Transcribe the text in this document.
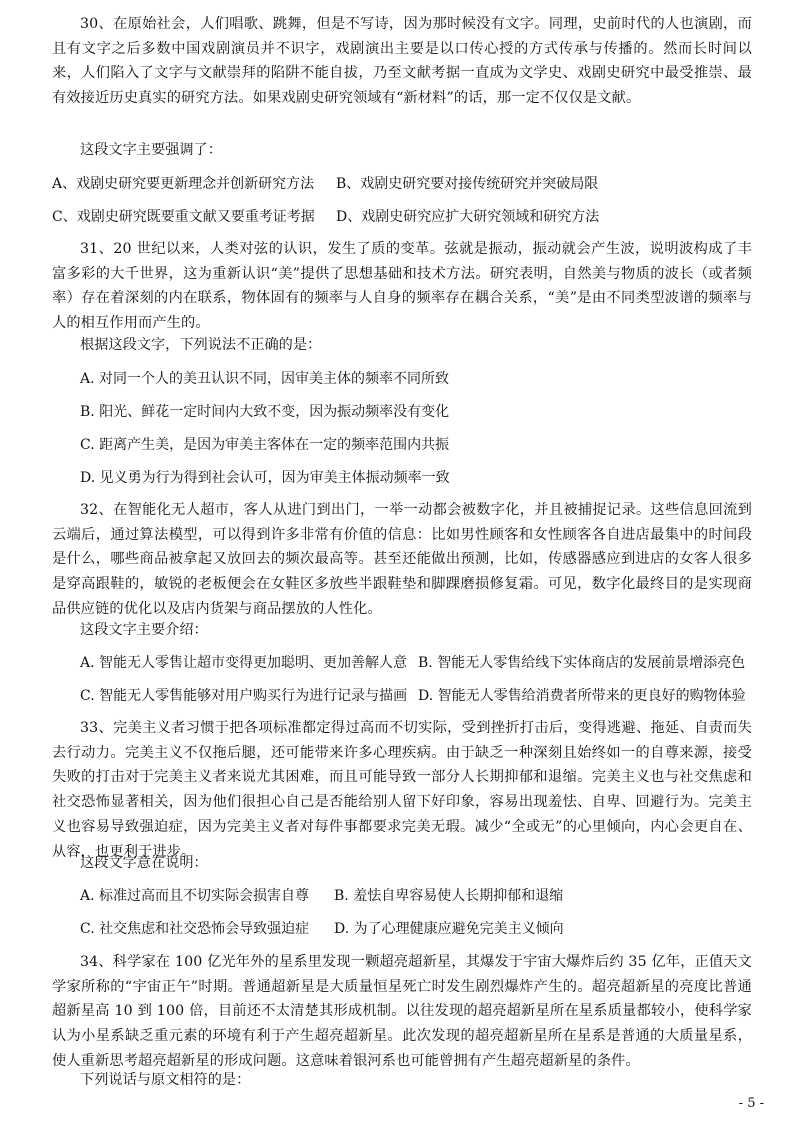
30、在原始社会，人们唱歌、跳舞，但是不写诗，因为那时候没有文字。同理，史前时代的人也演剧，而且有文字之后多数中国戏剧演员并不识字，戏剧演出主要是以口传心授的方式传承与传播的。然而长时间以来，人们陷入了文字与文献崇拜的陷阱不能自拔，乃至文献考据一直成为文学史、戏剧史研究中最受推崇、最有效接近历史真实的研究方法。如果戏剧史研究领域有“新材料”的话，那一定不仅仅是文献。

这段文字主要强调了：
A、戏剧史研究要更新理念并创新研究方法 B、戏剧史研究要对接传统研究并突破局限
C、戏剧史研究既要重文献又要重考证考据 D、戏剧史研究应扩大研究领域和研究方法

31、20 世纪以来，人类对弦的认识，发生了质的变革。弦就是振动，振动就会产生波，说明波构成了丰富多彩的大千世界，这为重新认识“美”提供了思想基础和技术方法。研究表明，自然美与物质的波长（或者频率）存在着深刻的内在联系，物体固有的频率与人自身的频率存在耦合关系，“美”是由不同类型波谱的频率与人的相互作用而产生的。

根据这段文字，下列说法不正确的是：
A. 对同一个人的美丑认识不同，因审美主体的频率不同所致
B. 阳光、鲜花一定时间内大致不变，因为振动频率没有变化
C. 距离产生美，是因为审美主客体在一定的频率范围内共振
D. 见义勇为行为得到社会认可，因为审美主体振动频率一致

32、在智能化无人超市，客人从进门到出门，一举一动都会被数字化，并且被捕捉记录。这些信息回流到云端后，通过算法模型，可以得到许多非常有价值的信息：比如男性顾客和女性顾客各自进店最集中的时间段是什么，哪些商品被拿起又放回去的频次最高等。甚至还能做出预测，比如，传感器感应到进店的女客人很多是穿高跟鞋的，敏锐的老板便会在女鞋区多放些半跟鞋垫和脚踝磨损修复霜。可见，数字化最终目的是实现商品供应链的优化以及店内货架与商品摆放的人性化。

这段文字主要介绍：
A. 智能无人零售让超市变得更加聪明、更加善解人意 B. 智能无人零售给线下实体商店的发展前景增添亮色
C. 智能无人零售能够对用户购买行为进行记录与描画 D. 智能无人零售给消费者所带来的更良好的购物体验

33、完美主义者习惯于把各项标准都定得过高而不切实际，受到挫折打击后，变得逃避、拖延、自责而失去行动力。完美主义不仅拖后腿，还可能带来许多心理疾病。由于缺乏一种深刻且始终如一的自尊来源，接受失败的打击对于完美主义者来说尤其困难，而且可能导致一部分人长期抑郁和退缩。完美主义也与社交焦虑和社交恐怖显著相关，因为他们很担心自己是否能给别人留下好印象，容易出现羞怯、自卑、回避行为。完美主义也容易导致强迫症，因为完美主义者对每件事都要求完美无瑕。减少“全或无”的心里倾向，内心会更自在、从容，也更利于进步。

这段文字意在说明：
A. 标准过高而且不切实际会损害自尊 B. 羞怯自卑容易使人长期抑郁和退缩
C. 社交焦虑和社交恐怖会导致强迫症 D. 为了心理健康应避免完美主义倾向

34、科学家在 100 亿光年外的星系里发现一颗超亮超新星，其爆发于宇宙大爆炸后约 35 亿年，正值天文学家所称的“宇宙正午”时期。普通超新星是大质量恒星死亡时发生剧烈爆炸产生的。超亮超新星的亮度比普通超新星高 10 到 100 倍，目前还不太清楚其形成机制。以往发现的超亮超新星所在星系质量都较小，使科学家认为小星系缺乏重元素的环境有利于产生超亮超新星。此次发现的超亮超新星所在星系是普通的大质量星系，使人重新思考超亮超新星的形成问题。这意味着银河系也可能曾拥有产生超亮超新星的条件。

下列说话与原文相符的是：
- 5 -
